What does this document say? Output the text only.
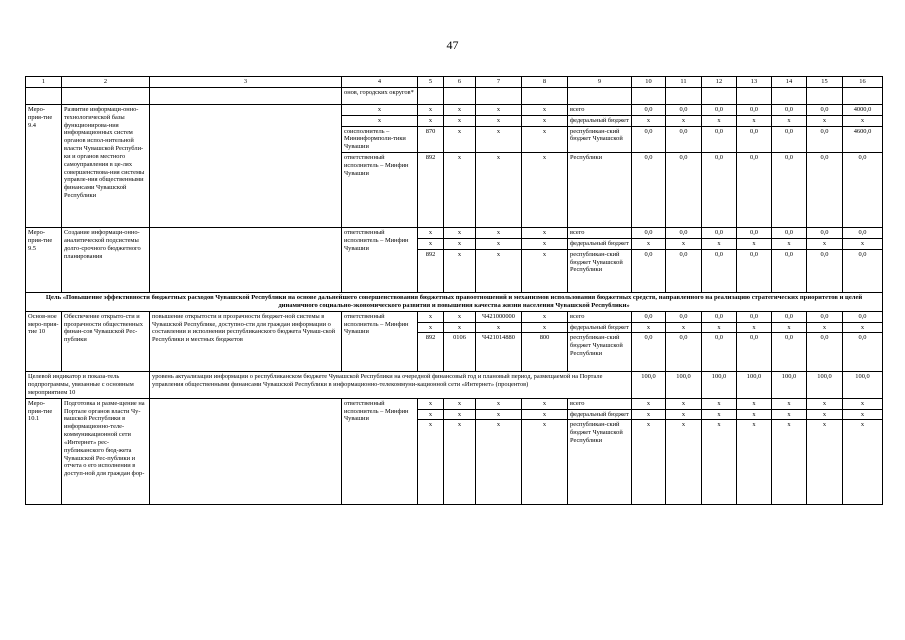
47
1	2	3	4	5	6	7	8	9	10	11	12	13	14	15	16
			онов, городских округов*												
Меро-прия-тие 9.4	Развитие информаци-онно-технологической базы функционирова-ния информационных систем органов испол-нительной власти Чувашской Республи-ки и органов местного самоуправления в це-лях совершенствова-ния системы управле-ния общественными финансами Чувашской Республики		х	х	х	х	х	всего	0,0	0,0	0,0	0,0	0,0	0,0	4000,0
			х	х	х	х	х	федеральный бюджет	х	х	х	х	х	х	х
			соисполнитель – Мининформполи-тики Чувашии	870	х	х	х	республикан-ский бюджет Чувашской	0,0	0,0	0,0	0,0	0,0	0,0	4600,0
			ответственный исполнитель – Минфин Чувашии	892	х	х	х	Республики	0,0	0,0	0,0	0,0	0,0	0,0	0,0
Меро-прия-тие 9.5	Создание информаци-онно-аналитической подсистемы долго-срочного бюджетного планирования		ответственный исполнитель – Минфин Чувашии	х	х	х	х	всего	0,0	0,0	0,0	0,0	0,0	0,0	0,0
				х	х	х	х	федеральный бюджет	х	х	х	х	х	х	х
				892	х	х	х	республикан-ский бюджет Чувашской Республики	0,0	0,0	0,0	0,0	0,0	0,0	0,0
Цель «Повышение эффективности бюджетных расходов Чувашской Республики на основе дальнейшего совершенствования бюджетных правоотношений и механизмов использования бюджетных средств, направленного на реализацию стратегических приоритетов и целей динамичного социально-экономического развития и повышения качества жизни населения Чувашской Республики»															
Основ-ное меро-прия-тие 10	Обеспечение открыто-сти и прозрачности общественных финан-сов Чувашской Рес-публики	повышение открытости и прозрачности бюджет-ной системы в Чувашской Республике, доступно-сти для граждан информации о составлении и исполнении республиканского бюджета Чуваш-ской Республики и местных бюджетов	ответственный исполнитель – Минфин Чувашии	х	х	Ч421000000	х	всего	0,0	0,0	0,0	0,0	0,0	0,0	0,0
				х	х	х	х	федеральный бюджет	х	х	х	х	х	х	х
				892	0106	Ч421014880	800	республикан-ский бюджет Чувашской Республики	0,0	0,0	0,0	0,0	0,0	0,0	0,0
Целевой индикатор и показа-тель подпрограммы, увязанные с основным мероприятием 10		уровень актуализации информации о республиканском бюджете Чувашской Республики на очередной финансовый год и плановый период, размещаемой на Портале управления общественными финансами Чувашской Республики в информационно-телекоммуни-кационной сети «Интернет» (процентов)							100,0	100,0	100,0	100,0	100,0	100,0	100,0
Меро-прия-тие 10.1	Подготовка и разме-щение на Портале органов власти Чу-вашской Республики в информационно-теле-коммуникационной сети «Интернет» рес-публиканского бюд-жета Чувашской Рес-публики и отчета о его исполнении в доступ-ной для граждан фор-		ответственный исполнитель – Минфин Чувашии	х	х	х	х	всего	х	х	х	х	х	х	х
				х	х	х	х	федеральный бюджет	х	х	х	х	х	х	х
				х	х	х	х	республикан-ский бюджет Чувашской Республики	х	х	х	х	х	х	х
